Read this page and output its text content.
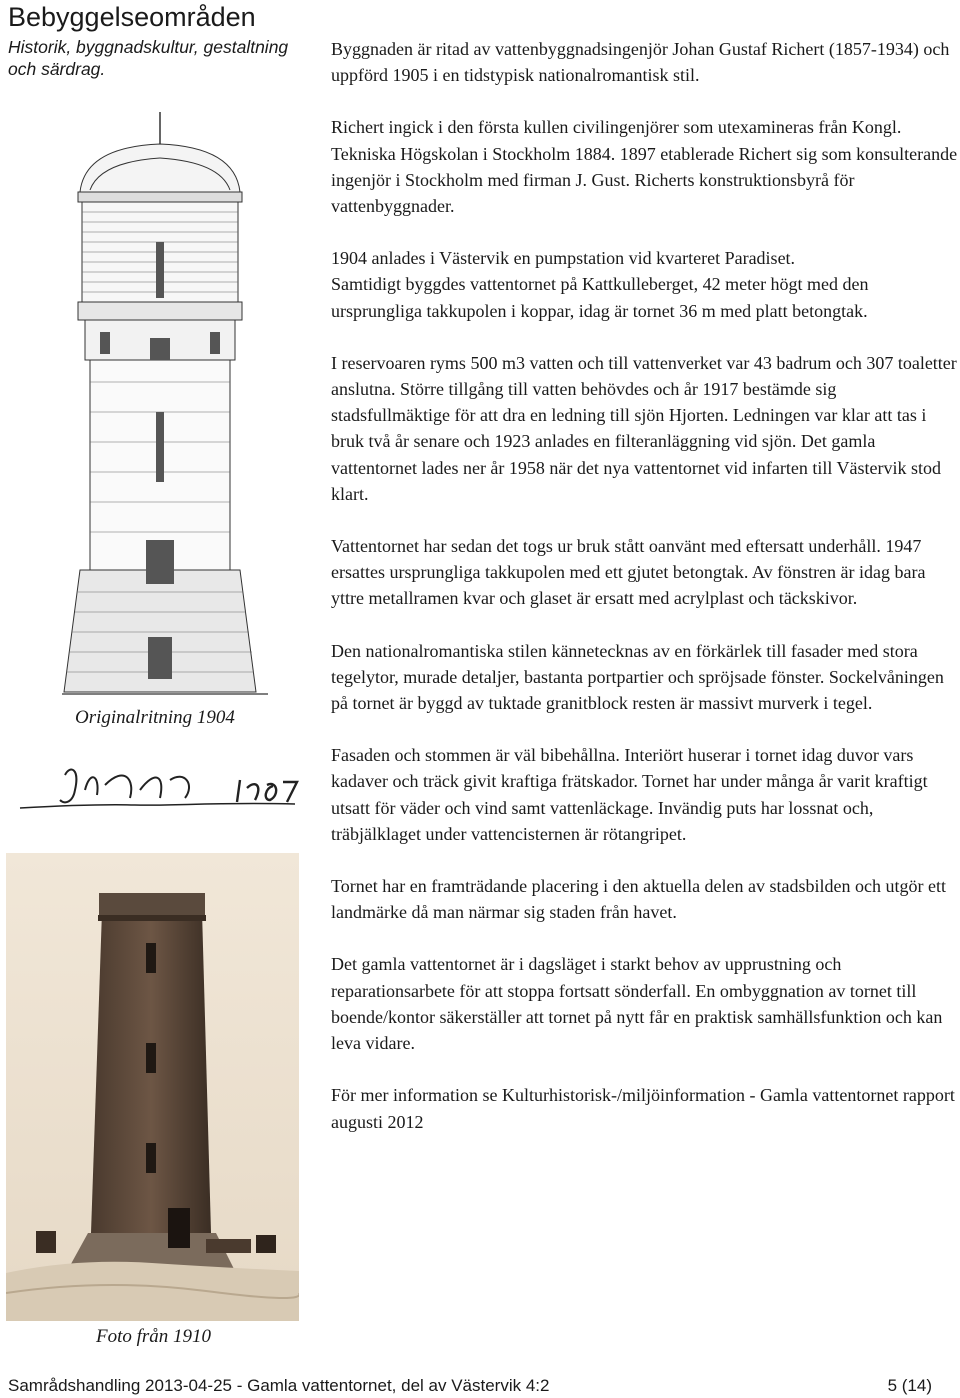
Bebyggelseområden
Historik, byggnadskultur, gestaltning och särdrag.

Byggnaden är ritad av vattenbyggnadsingenjör Johan Gustaf Richert (1857-1934) och uppförd 1905 i en tidstypisk nationalromantisk stil.

Richert ingick i den första kullen civilingenjörer som utexamineras från Kongl. Tekniska Högskolan i Stockholm 1884. 1897 etablerade Richert sig som konsulterande ingenjör i Stockholm med firman J. Gust. Richerts konstruktionsbyrå för vattenbyggnader.

1904 anlades i Västervik en pumpstation vid kvarteret Paradiset.

Samtidigt byggdes vattentornet på Kattkulleberget, 42 meter högt med den ursprungliga takkupolen i koppar, idag är tornet 36 m med platt betongtak.

I reservoaren ryms 500 m3 vatten och till vattenverket var 43 badrum och 307 toaletter anslutna. Större tillgång till vatten behövdes och år 1917 bestämde sig stadsfullmäktige för att dra en ledning till sjön Hjorten. Ledningen var klar att tas i bruk två år senare och 1923 anlades en filteranläggning vid sjön. Det gamla vattentornet lades ner år 1958 när det nya vattentornet vid infarten till Västervik stod klart.

Vattentornet har sedan det togs ur bruk stått oanvänt med eftersatt underhåll. 1947 ersattes ursprungliga takkupolen med ett gjutet betongtak. Av fönstren är idag bara yttre metallramen kvar och glaset är ersatt med acrylplast och täckskivor.

Den nationalromantiska stilen kännetecknas av en förkärlek till fasader med stora tegelytor, murade detaljer, bastanta portpartier och spröjsade fönster. Sockelvåningen på tornet är byggd av tuktade granitblock resten är massivt murverk i tegel.

Fasaden och stommen är väl bibehållna. Interiört huserar i tornet idag duvor vars kadaver och träck givit kraftiga frätskador. Tornet har under många år varit kraftigt utsatt för väder och vind samt vattenläckage. Invändig puts har lossnat och, träbjälklaget under vattencisternen är rötangripet.

Tornet har en framträdande placering i den aktuella delen av stadsbilden och utgör ett landmärke då man närmar sig staden från havet.

Det gamla vattentornet är i dagsläget i starkt behov av upprustning och reparationsarbete för att stoppa fortsatt sönderfall. En ombyggnation av tornet till boende/kontor säkerställer att tornet på nytt får en praktisk samhällsfunktion och kan leva vidare.

För mer information se Kulturhistorisk-/miljöinformation - Gamla vattentornet rapport augusti 2012

Originalritning 1904
Foto från 1910
Samrådshandling 2013-04-25 - Gamla vattentornet, del av Västervik 4:2	5 (14)
